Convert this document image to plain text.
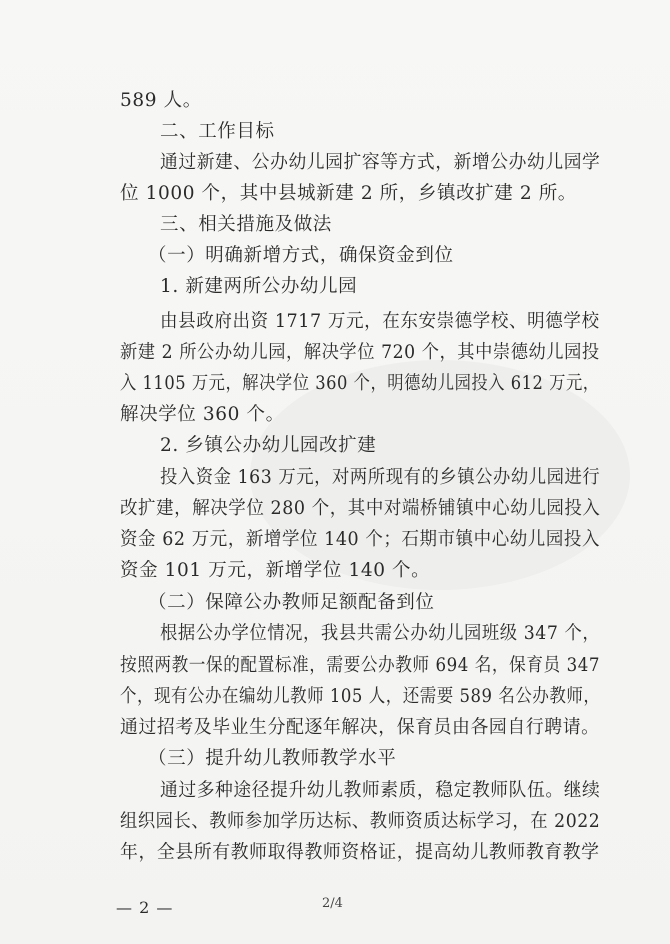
589 人。
二、工作目标
通过新建、公办幼儿园扩容等方式，新增公办幼儿园学
位 1000 个，其中县城新建 2 所，乡镇改扩建 2 所。
三、相关措施及做法
（一）明确新增方式，确保资金到位
1. 新建两所公办幼儿园
由县政府出资 1717 万元，在东安崇德学校、明德学校
新建 2 所公办幼儿园，解决学位 720 个，其中崇德幼儿园投
入 1105 万元，解决学位 360 个，明德幼儿园投入 612 万元，
解决学位 360 个。
2. 乡镇公办幼儿园改扩建
投入资金 163 万元，对两所现有的乡镇公办幼儿园进行
改扩建，解决学位 280 个，其中对端桥铺镇中心幼儿园投入
资金 62 万元，新增学位 140 个；石期市镇中心幼儿园投入
资金 101 万元，新增学位 140 个。
（二）保障公办教师足额配备到位
根据公办学位情况，我县共需公办幼儿园班级 347 个，
按照两教一保的配置标准，需要公办教师 694 名，保育员 347
个，现有公办在编幼儿教师 105 人，还需要 589 名公办教师，
通过招考及毕业生分配逐年解决，保育员由各园自行聘请。
（三）提升幼儿教师教学水平
通过多种途径提升幼儿教师素质，稳定教师队伍。继续
组织园长、教师参加学历达标、教师资质达标学习，在 2022
年，全县所有教师取得教师资格证，提高幼儿教师教育教学
— 2 —	2/4
